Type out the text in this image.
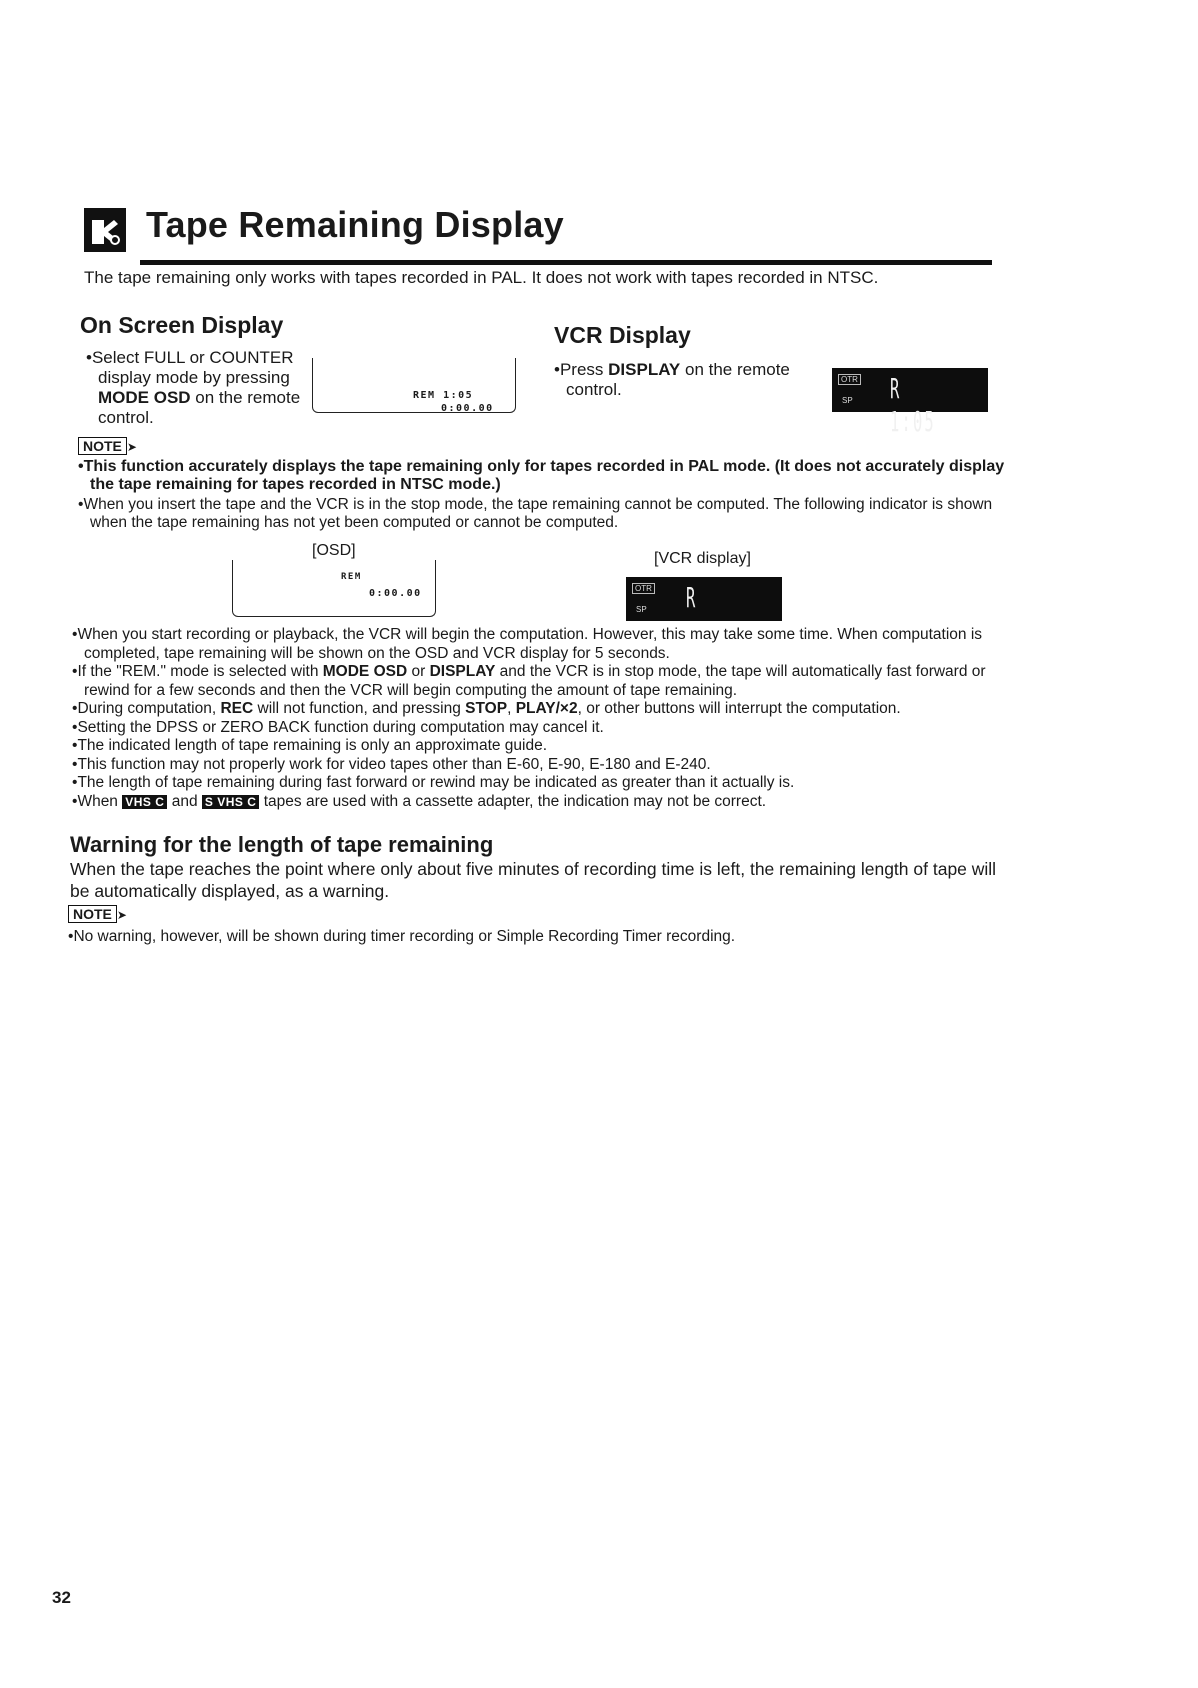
Tape Remaining Display
The tape remaining only works with tapes recorded in PAL. It does not work with tapes recorded in NTSC.
On Screen Display
•Select FULL or COUNTER display mode by pressing MODE OSD on the remote control.
REM 1:05
0:00.00
VCR Display
•Press DISPLAY on the remote control.
OTR
SP R 1:05
NOTE ➤
•This function accurately displays the tape remaining only for tapes recorded in PAL mode. (It does not accurately display the tape remaining for tapes recorded in NTSC mode.)
•When you insert the tape and the VCR is in the stop mode, the tape remaining cannot be computed. The following indicator is shown when the tape remaining has not yet been computed or cannot be computed.
[OSD]	[VCR display]
REM
0:00.00	OTR
SP R
•When you start recording or playback, the VCR will begin the computation. However, this may take some time. When computation is completed, tape remaining will be shown on the OSD and VCR display for 5 seconds.
•If the "REM." mode is selected with MODE OSD or DISPLAY and the VCR is in stop mode, the tape will automatically fast forward or rewind for a few seconds and then the VCR will begin computing the amount of tape remaining.
•During computation, REC will not function, and pressing STOP, PLAY/×2, or other buttons will interrupt the computation.
•Setting the DPSS or ZERO BACK function during computation may cancel it.
•The indicated length of tape remaining is only an approximate guide.
•This function may not properly work for video tapes other than E-60, E-90, E-180 and E-240.
•The length of tape remaining during fast forward or rewind may be indicated as greater than it actually is.
•When VHS C and S VHS C tapes are used with a cassette adapter, the indication may not be correct.
Warning for the length of tape remaining
When the tape reaches the point where only about five minutes of recording time is left, the remaining length of tape will be automatically displayed, as a warning.
NOTE ➤
•No warning, however, will be shown during timer recording or Simple Recording Timer recording.
32
